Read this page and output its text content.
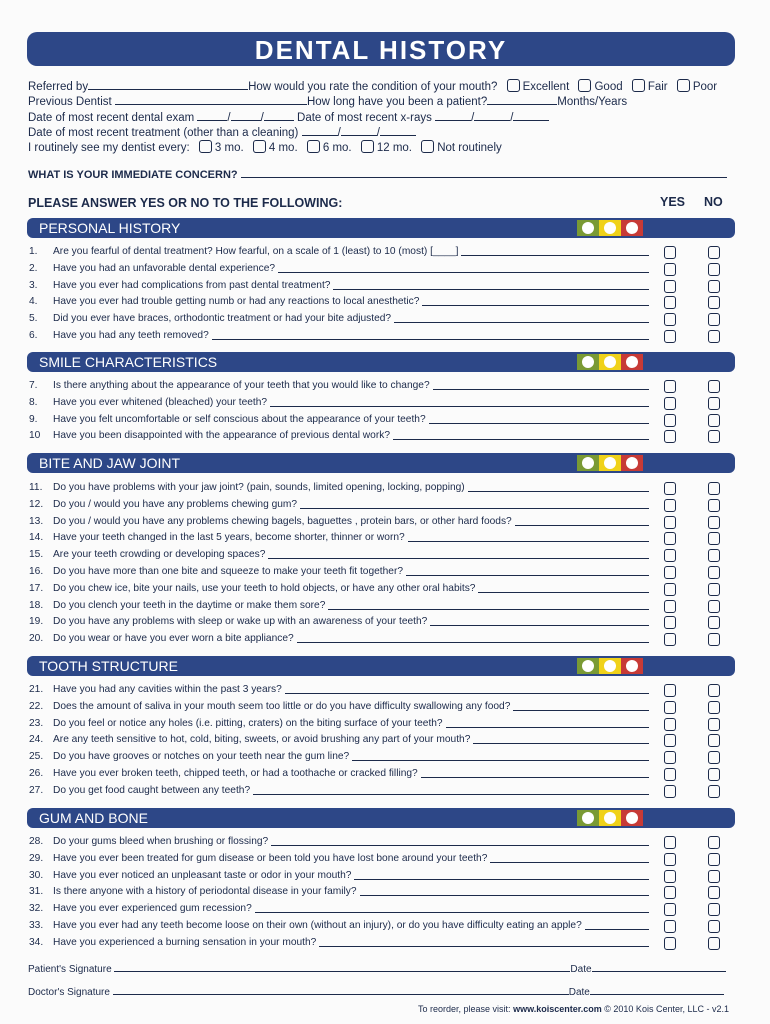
DENTAL HISTORY
Referred by	How would you rate the condition of your mouth? Excellent Good Fair Poor
Previous Dentist	How long have you been a patient?	Months/Years
Date of most recent dental exam	/	/	Date of most recent x-rays	/	/
Date of most recent treatment (other than a cleaning)	/	/
I routinely see my dentist every: 3 mo. 4 mo. 6 mo. 12 mo. Not routinely
WHAT IS YOUR IMMEDIATE CONCERN?
PLEASE ANSWER YES OR NO TO THE FOLLOWING:	YES NO
PERSONAL HISTORY
1.	Are you fearful of dental treatment? How fearful, on a scale of 1 (least) to 10 (most) [____]
2.	Have you had an unfavorable dental experience?
3.	Have you ever had complications from past dental treatment?
4.	Have you ever had trouble getting numb or had any reactions to local anesthetic?
5.	Did you ever have braces, orthodontic treatment or had your bite adjusted?
6.	Have you had any teeth removed?
SMILE CHARACTERISTICS
7.	Is there anything about the appearance of your teeth that you would like to change?
8.	Have you ever whitened (bleached) your teeth?
9.	Have you felt uncomfortable or self conscious about the appearance of your teeth?
10	Have you been disappointed with the appearance of previous dental work?
BITE AND JAW JOINT
11.	Do you have problems with your jaw joint? (pain, sounds, limited opening, locking, popping)
12. Do you / would you have any problems chewing gum?
13. Do you / would you have any problems chewing bagels, baguettes , protein bars, or other hard foods?
14. Have your teeth changed in the last 5 years, become shorter, thinner or worn?
15. Are your teeth crowding or developing spaces?
16. Do you have more than one bite and squeeze to make your teeth fit together?
17. Do you chew ice, bite your nails, use your teeth to hold objects, or have any other oral habits?
18. Do you clench your teeth in the daytime or make them sore?
19. Do you have any problems with sleep or wake up with an awareness of your teeth?
20. Do you wear or have you ever worn a bite appliance?
TOOTH STRUCTURE
21. Have you had any cavities within the past 3 years?
22. Does the amount of saliva in your mouth seem too little or do you have difficulty swallowing any food?
23. Do you feel or notice any holes (i.e. pitting, craters) on the biting surface of your teeth?
24. Are any teeth sensitive to hot, cold, biting, sweets, or avoid brushing any part of your mouth?
25. Do you have grooves or notches on your teeth near the gum line?
26. Have you ever broken teeth, chipped teeth, or had a toothache or cracked filling?
27. Do you get food caught between any teeth?
GUM AND BONE
28. Do your gums bleed when brushing or flossing?
29. Have you ever been treated for gum disease or been told you have lost bone around your teeth?
30. Have you ever noticed an unpleasant taste or odor in your mouth?
31. Is there anyone with a history of periodontal disease in your family?
32. Have you ever experienced gum recession?
33. Have you ever had any teeth become loose on their own (without an injury), or do you have difficulty eating an apple?
34. Have you experienced a burning sensation in your mouth?
Patient's Signature	Date
Doctor's Signature	Date
To reorder, please visit: www.koiscenter.com © 2010 Kois Center, LLC - v2.1
